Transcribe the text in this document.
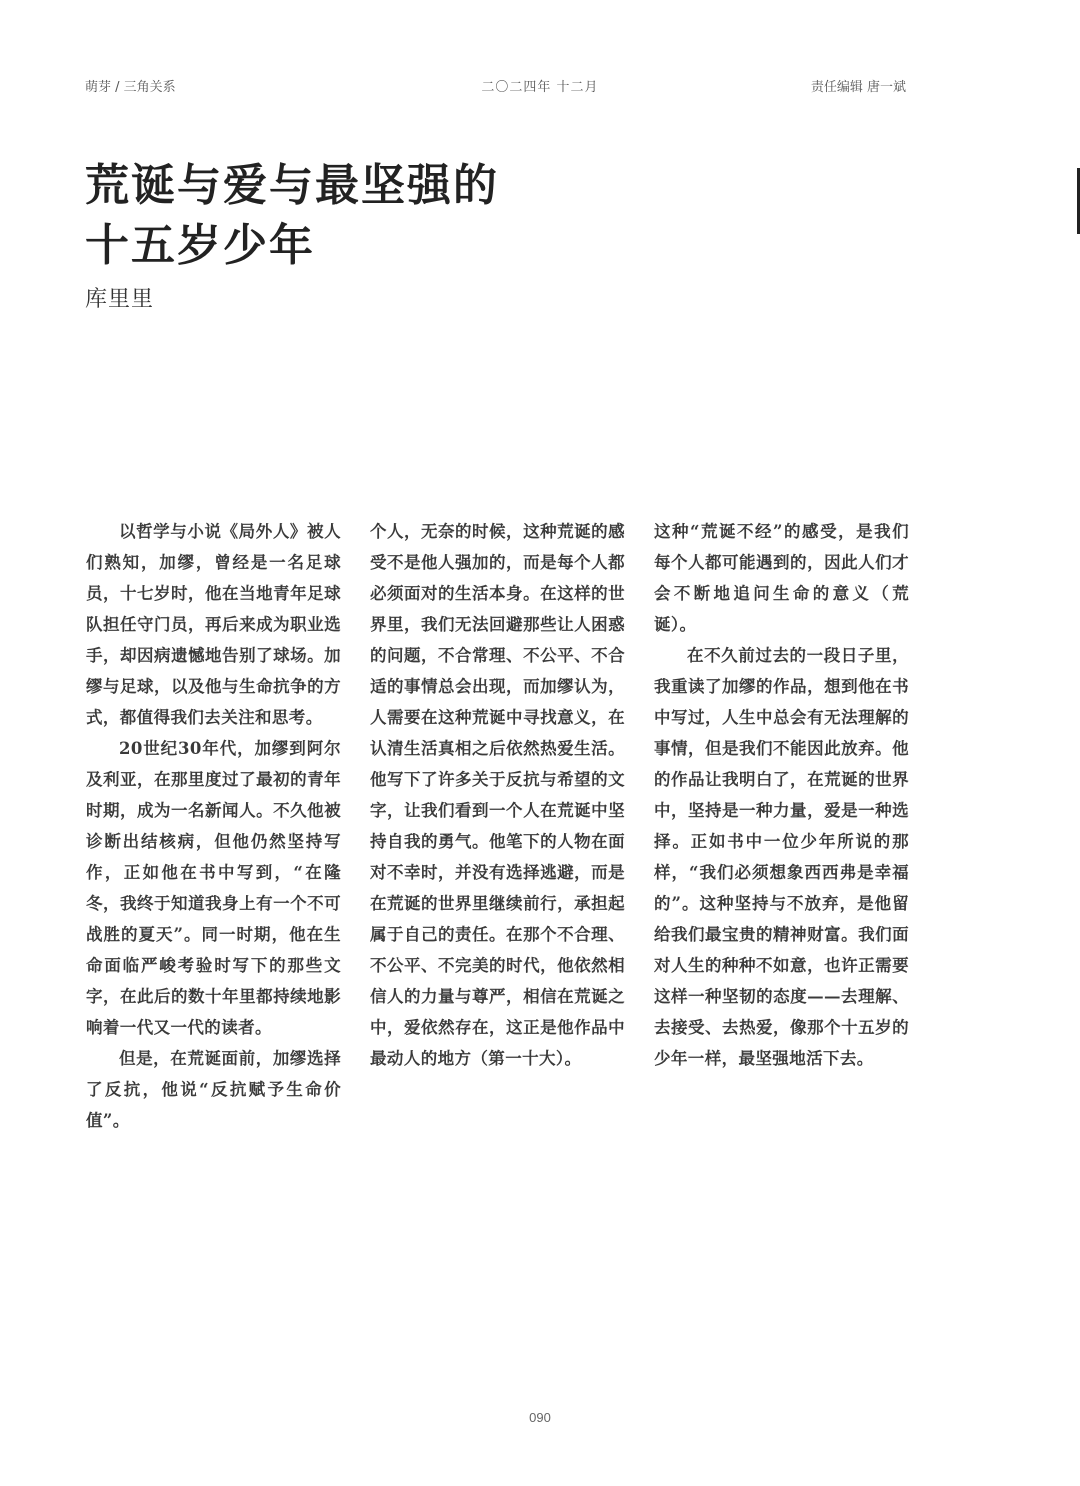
萌芽 / 三角关系	二〇二四年 十二月	责任编辑 唐一斌
荒诞与爱与最坚强的
十五岁少年
库里里

以哲学与小说《局外人》被人们熟知，加缪，曾经是一名足球员，十七岁时，他在当地青年足球队担任守门员，再后来成为职业选手，却因病遗憾地告别了球场。加缪与足球，以及他与生命抗争的方式，都值得我们去关注和思考。

20世纪30年代，加缪到阿尔及利亚，在那里度过了最初的青年时期，成为一名新闻人。不久他被诊断出结核病，但他仍然坚持写作，正如他在书中写到，“在隆冬，我终于知道我身上有一个不可战胜的夏天”。同一时期，他在生命面临严峻考验时写下的那些文字，在此后的数十年里都持续地影响着一代又一代的读者。

但是，在荒诞面前，加缪选择了反抗，他说“反抗赋予生命价值”。

个人，无奈的时候，这种荒诞的感受不是他人强加的，而是每个人都必须面对的生活本身。在这样的世界里，我们无法回避那些让人困惑的问题，不合常理、不公平、不合适的事情总会出现，而加缪认为，人需要在这种荒诞中寻找意义，在认清生活真相之后依然热爱生活。他写下了许多关于反抗与希望的文字，让我们看到一个人在荒诞中坚持自我的勇气。他笔下的人物在面对不幸时，并没有选择逃避，而是在荒诞的世界里继续前行，承担起属于自己的责任。在那个不合理、不公平、不完美的时代，他依然相信人的力量与尊严，相信在荒诞之中，爱依然存在，这正是他作品中最动人的地方（第一十大）。

这种“荒诞不经”的感受，是我们每个人都可能遇到的，因此人们才会不断地追问生命的意义（荒诞）。

在不久前过去的一段日子里，我重读了加缪的作品，想到他在书中写过，人生中总会有无法理解的事情，但是我们不能因此放弃。他的作品让我明白了，在荒诞的世界中，坚持是一种力量，爱是一种选择。正如书中一位少年所说的那样，“我们必须想象西西弗是幸福的”。这种坚持与不放弃，是他留给我们最宝贵的精神财富。我们面对人生的种种不如意，也许正需要这样一种坚韧的态度——去理解、去接受、去热爱，像那个十五岁的少年一样，最坚强地活下去。

090
